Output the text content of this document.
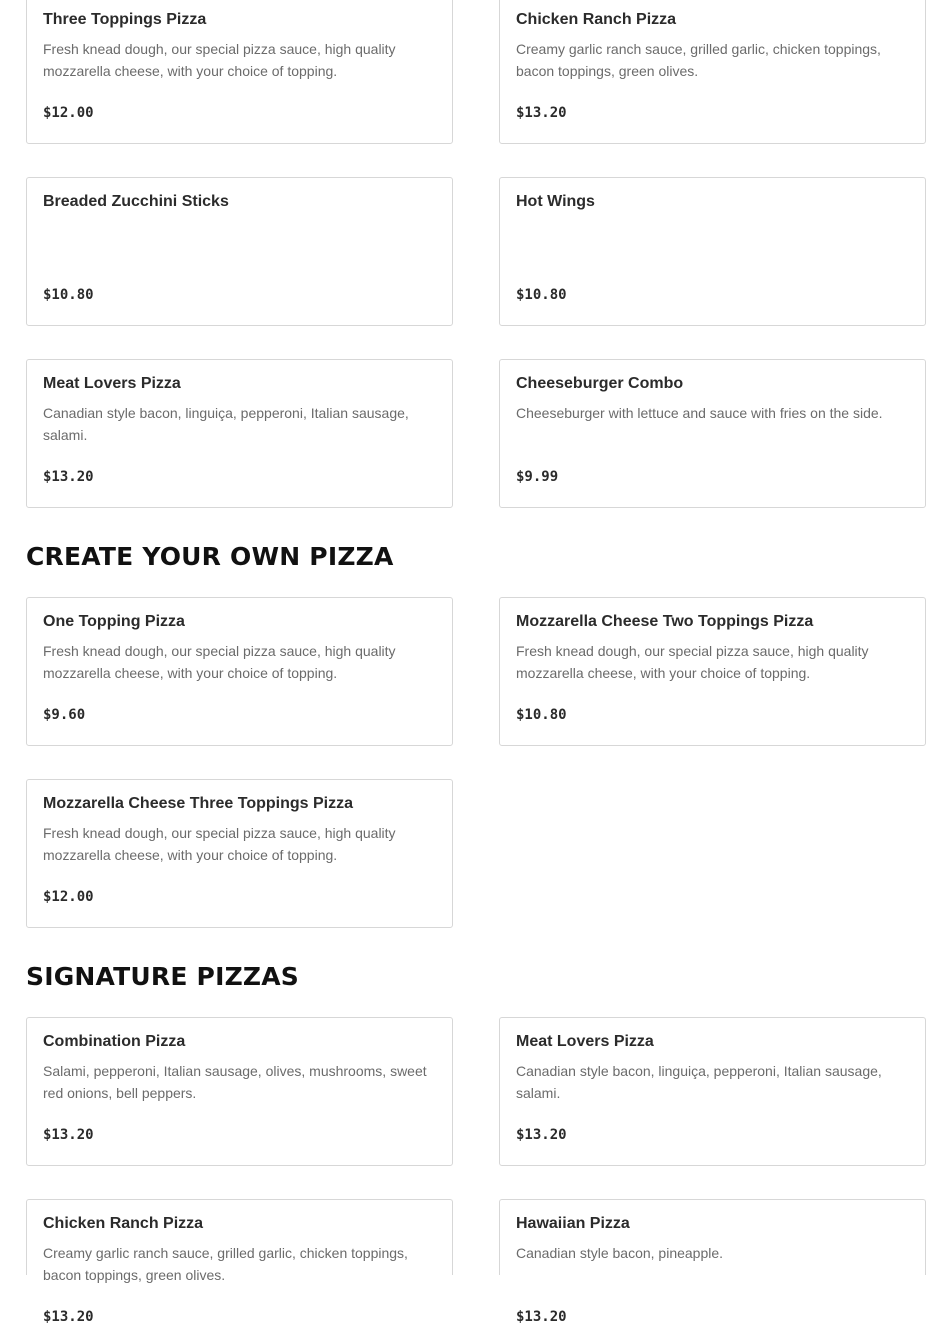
Three Toppings Pizza
Fresh knead dough, our special pizza sauce, high quality mozzarella cheese, with your choice of topping.
$12.00
Chicken Ranch Pizza
Creamy garlic ranch sauce, grilled garlic, chicken toppings, bacon toppings, green olives.
$13.20
Breaded Zucchini Sticks
$10.80
Hot Wings
$10.80
Meat Lovers Pizza
Canadian style bacon, linguiça, pepperoni, Italian sausage, salami.
$13.20
Cheeseburger Combo
Cheeseburger with lettuce and sauce with fries on the side.
$9.99
CREATE YOUR OWN PIZZA
One Topping Pizza
Fresh knead dough, our special pizza sauce, high quality mozzarella cheese, with your choice of topping.
$9.60
Mozzarella Cheese Two Toppings Pizza
Fresh knead dough, our special pizza sauce, high quality mozzarella cheese, with your choice of topping.
$10.80
Mozzarella Cheese Three Toppings Pizza
Fresh knead dough, our special pizza sauce, high quality mozzarella cheese, with your choice of topping.
$12.00
SIGNATURE PIZZAS
Combination Pizza
Salami, pepperoni, Italian sausage, olives, mushrooms, sweet red onions, bell peppers.
$13.20
Meat Lovers Pizza
Canadian style bacon, linguiça, pepperoni, Italian sausage, salami.
$13.20
Chicken Ranch Pizza
Creamy garlic ranch sauce, grilled garlic, chicken toppings, bacon toppings, green olives.
$13.20
Hawaiian Pizza
Canadian style bacon, pineapple.
$13.20
